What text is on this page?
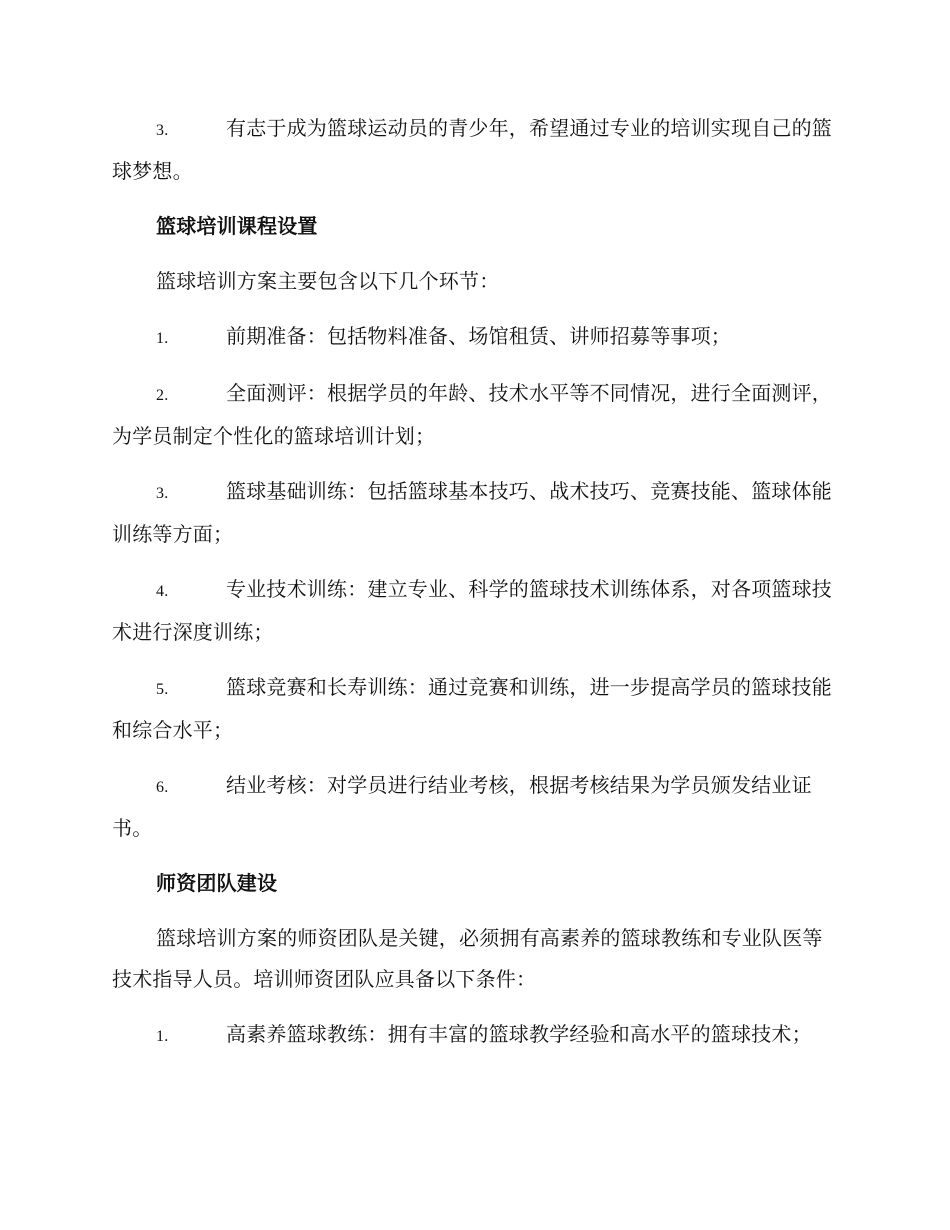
3.	有志于成为篮球运动员的青少年，希望通过专业的培训实现自己的篮球梦想。

篮球培训课程设置

篮球培训方案主要包含以下几个环节：

1.	前期准备：包括物料准备、场馆租赁、讲师招募等事项；

2.	全面测评：根据学员的年龄、技术水平等不同情况，进行全面测评，为学员制定个性化的篮球培训计划；

3.	篮球基础训练：包括篮球基本技巧、战术技巧、竞赛技能、篮球体能训练等方面；

4.	专业技术训练：建立专业、科学的篮球技术训练体系，对各项篮球技术进行深度训练；

5.	篮球竞赛和长寿训练：通过竞赛和训练，进一步提高学员的篮球技能和综合水平；

6.	结业考核：对学员进行结业考核，根据考核结果为学员颁发结业证书。

师资团队建设

篮球培训方案的师资团队是关键，必须拥有高素养的篮球教练和专业队医等技术指导人员。培训师资团队应具备以下条件：

1.	高素养篮球教练：拥有丰富的篮球教学经验和高水平的篮球技术；
